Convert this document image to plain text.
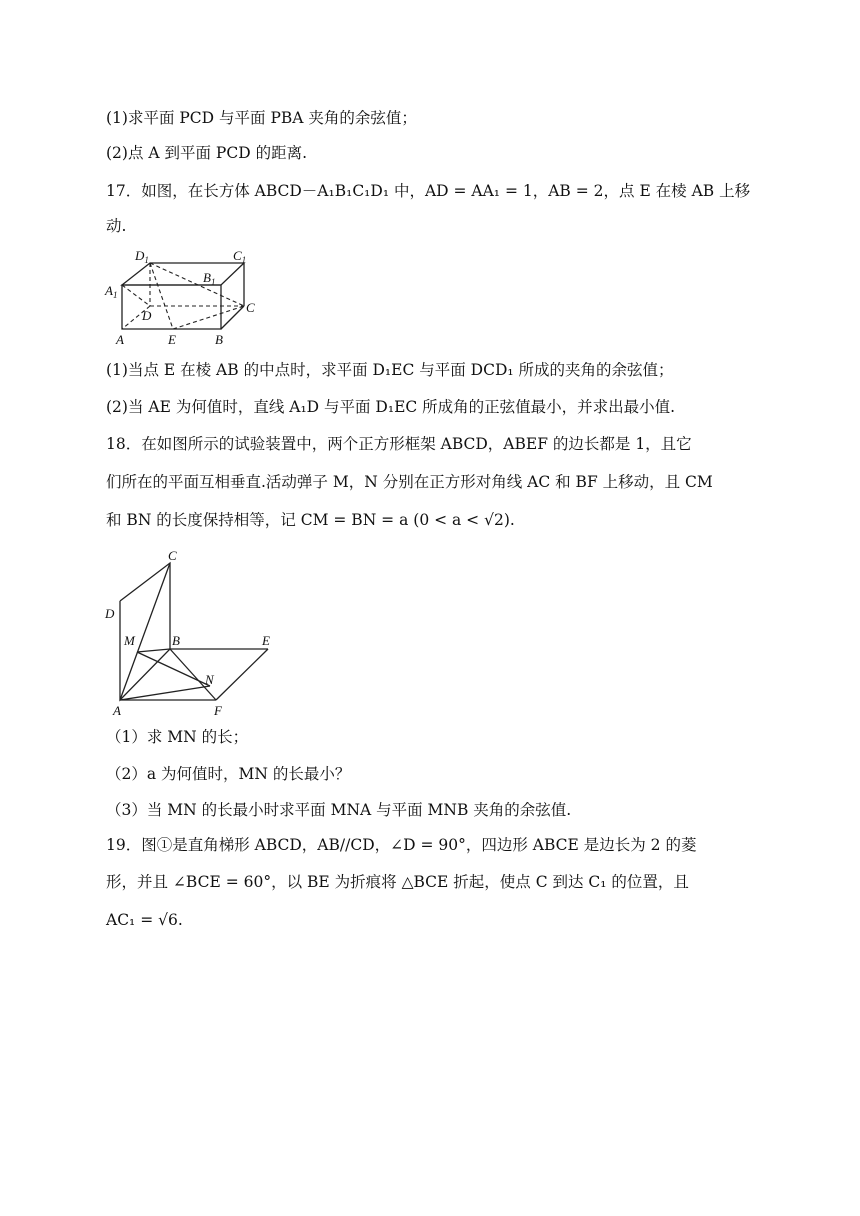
(1)求平面 PCD 与平面 PBA 夹角的余弦值；
(2)点 A 到平面 PCD 的距离.
17．如图，在长方体 ABCD－A₁B₁C₁D₁ 中，AD = AA₁ = 1，AB = 2，点 E 在棱 AB 上移
动.
$D_1$	$C_1$
$B_1$
$A_1$
C
D
A	E	B
(1)当点 E 在棱 AB 的中点时，求平面 D₁EC 与平面 DCD₁ 所成的夹角的余弦值；
(2)当 AE 为何值时，直线 A₁D 与平面 D₁EC 所成角的正弦值最小，并求出最小值.
18．在如图所示的试验装置中，两个正方形框架 ABCD，ABEF 的边长都是 1，且它
们所在的平面互相垂直.活动弹子 M，N 分别在正方形对角线 AC 和 BF 上移动，且 CM
和 BN 的长度保持相等，记 CM = BN = a (0 < a < √2).
C
D
M	B	E
N
A	F
（1）求 MN 的长；
（2）a 为何值时，MN 的长最小？
（3）当 MN 的长最小时求平面 MNA 与平面 MNB 夹角的余弦值.
19．图①是直角梯形 ABCD，AB//CD，∠D = 90°，四边形 ABCE 是边长为 2 的菱
形，并且 ∠BCE = 60°，以 BE 为折痕将 △BCE 折起，使点 C 到达 C₁ 的位置，且
AC₁ = √6.
